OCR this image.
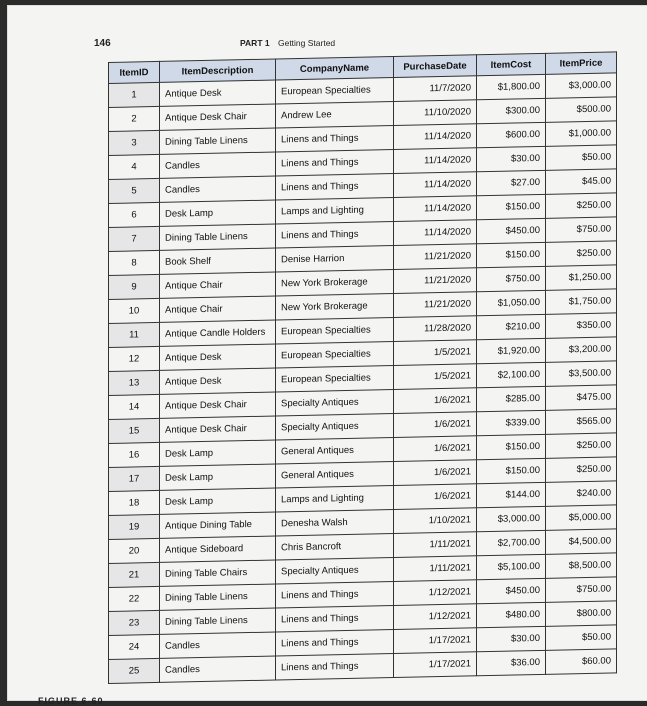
146	PART 1 Getting Started
ItemID	ItemDescription	CompanyName	PurchaseDate	ItemCost	ItemPrice
1	Antique Desk	European Specialties	11/7/2020	$1,800.00	$3,000.00
2	Antique Desk Chair	Andrew Lee	11/10/2020	$300.00	$500.00
3	Dining Table Linens	Linens and Things	11/14/2020	$600.00	$1,000.00
4	Candles	Linens and Things	11/14/2020	$30.00	$50.00
5	Candles	Linens and Things	11/14/2020	$27.00	$45.00
6	Desk Lamp	Lamps and Lighting	11/14/2020	$150.00	$250.00
7	Dining Table Linens	Linens and Things	11/14/2020	$450.00	$750.00
8	Book Shelf	Denise Harrion	11/21/2020	$150.00	$250.00
9	Antique Chair	New York Brokerage	11/21/2020	$750.00	$1,250.00
10	Antique Chair	New York Brokerage	11/21/2020	$1,050.00	$1,750.00
11	Antique Candle Holders	European Specialties	11/28/2020	$210.00	$350.00
12	Antique Desk	European Specialties	1/5/2021	$1,920.00	$3,200.00
13	Antique Desk	European Specialties	1/5/2021	$2,100.00	$3,500.00
14	Antique Desk Chair	Specialty Antiques	1/6/2021	$285.00	$475.00
15	Antique Desk Chair	Specialty Antiques	1/6/2021	$339.00	$565.00
16	Desk Lamp	General Antiques	1/6/2021	$150.00	$250.00
17	Desk Lamp	General Antiques	1/6/2021	$150.00	$250.00
18	Desk Lamp	Lamps and Lighting	1/6/2021	$144.00	$240.00
19	Antique Dining Table	Denesha Walsh	1/10/2021	$3,000.00	$5,000.00
20	Antique Sideboard	Chris Bancroft	1/11/2021	$2,700.00	$4,500.00
21	Dining Table Chairs	Specialty Antiques	1/11/2021	$5,100.00	$8,500.00
22	Dining Table Linens	Linens and Things	1/12/2021	$450.00	$750.00
23	Dining Table Linens	Linens and Things	1/12/2021	$480.00	$800.00
24	Candles	Linens and Things	1/17/2021	$30.00	$50.00
25	Candles	Linens and Things	1/17/2021	$36.00	$60.00
FIGURE 6-60
